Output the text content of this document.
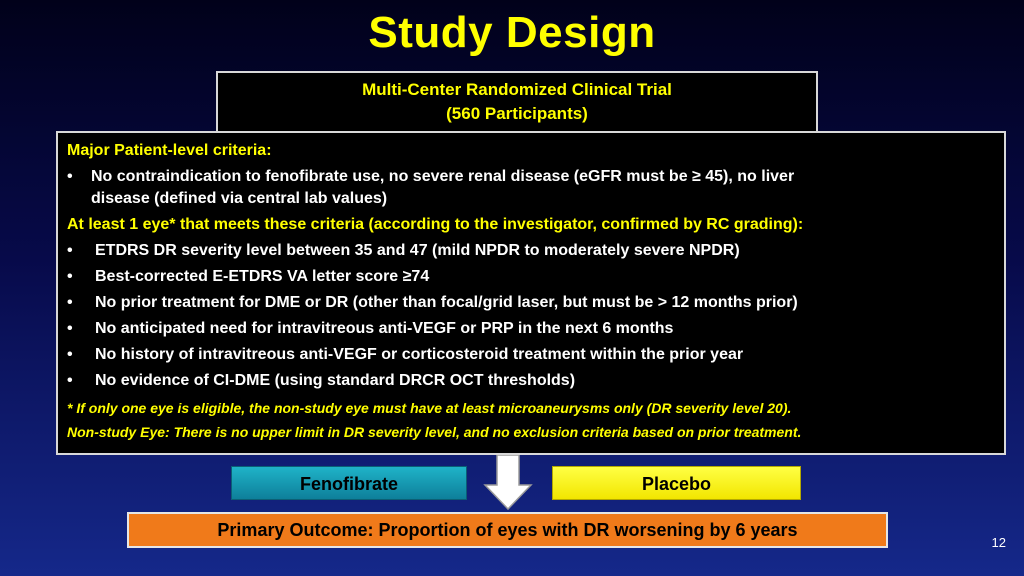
Study Design
Multi-Center Randomized Clinical Trial
(560 Participants)
Major Patient-level criteria:
• No contraindication to fenofibrate use, no severe renal disease (eGFR must be ≥ 45), no liver
disease (defined via central lab values)
At least 1 eye* that meets these criteria (according to the investigator, confirmed by RC grading):
• ETDRS DR severity level between 35 and 47 (mild NPDR to moderately severe NPDR)
• Best-corrected E-ETDRS VA letter score ≥74
• No prior treatment for DME or DR (other than focal/grid laser, but must be > 12 months prior)
• No anticipated need for intravitreous anti-VEGF or PRP in the next 6 months
• No history of intravitreous anti-VEGF or corticosteroid treatment within the prior year
• No evidence of CI-DME (using standard DRCR OCT thresholds)
* If only one eye is eligible, the non-study eye must have at least microaneurysms only (DR severity level 20).
Non-study Eye: There is no upper limit in DR severity level, and no exclusion criteria based on prior treatment.
Fenofibrate	Placebo
Primary Outcome: Proportion of eyes with DR worsening by 6 years
12
